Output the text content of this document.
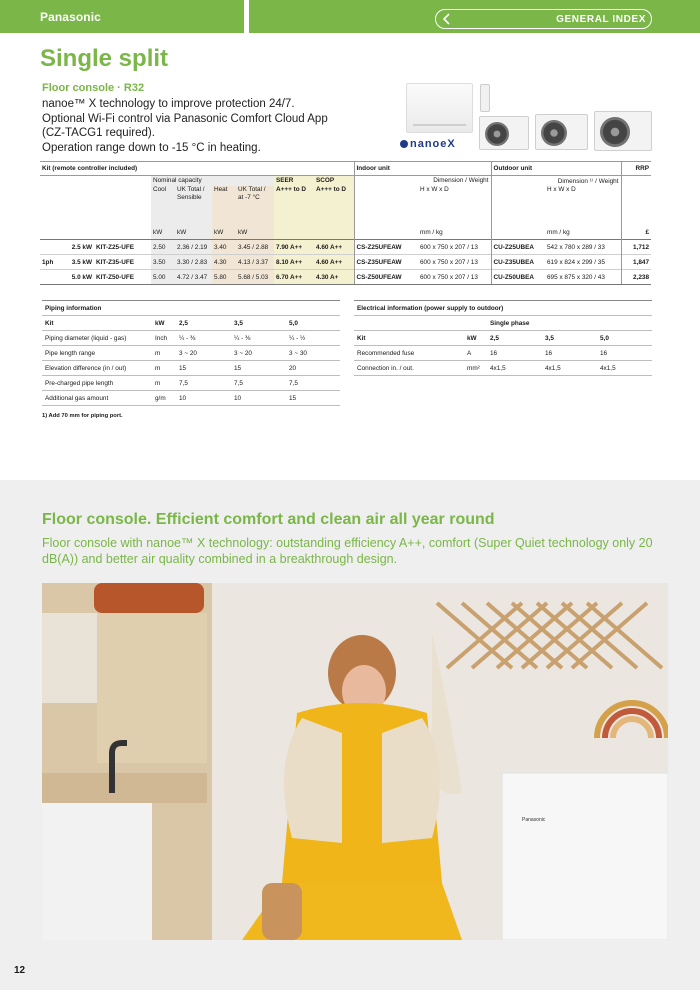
Panasonic	GENERAL INDEX
Single split
Floor console · R32
nanoe™ X technology to improve protection 24/7.
Optional Wi-Fi control via Panasonic Comfort Cloud App
(CZ-TACG1 required).
Operation range down to -15 °C in heating.	nanoeX
Kit (remote controller included)									Indoor unit		Outdoor unit		RRP
			Nominal capacity				SEER	SCOP		Dimension / Weight		Dimension ¹⁾ / Weight	
			Cool	UK Total / Sensible	Heat	UK Total / at -7 °C	A+++ to D	A+++ to D		H x W x D		H x W x D	
			kW	kW	kW	kW				mm / kg		mm / kg	£
	2.5 kW	KIT-Z25-UFE	2.50	2.36 / 2.19	3.40	3.45 / 2.88	7.90 A++	4.60 A++	CS-Z25UFEAW	600 x 750 x 207 / 13	CU-Z25UBEA	542 x 780 x 289 / 33	1,712
1ph	3.5 kW	KIT-Z35-UFE	3.50	3.30 / 2.83	4.30	4.13 / 3.37	8.10 A++	4.60 A++	CS-Z35UFEAW	600 x 750 x 207 / 13	CU-Z35UBEA	619 x 824 x 299 / 35	1,847
	5.0 kW	KIT-Z50-UFE	5.00	4.72 / 3.47	5.80	5.68 / 5.03	6.70 A++	4.30 A+	CS-Z50UFEAW	600 x 750 x 207 / 13	CU-Z50UBEA	695 x 875 x 320 / 43	2,238
Piping information				
Kit	kW	2,5	3,5	5,0
Piping diameter (liquid - gas)	Inch	¼ - ⅜	¼ - ⅜	¼ - ½
Pipe length range	m	3 ~ 20	3 ~ 20	3 ~ 30
Elevation difference (in / out)	m	15	15	20
Pre-charged pipe length	m	7,5	7,5	7,5
Additional gas amount	g/m	10	10	15
Electrical information (power supply to outdoor)				
		Single phase		
Kit	kW	2,5	3,5	5,0
Recommended fuse	A	16	16	16
Connection in. / out.	mm²	4x1,5	4x1,5	4x1,5
1) Add 70 mm for piping port.
Floor console. Efficient comfort and clean air all year round
Floor console with nanoe™ X technology: outstanding efficiency A++, comfort (Super Quiet technology only 20 dB(A)) and better air quality combined in a breakthrough design.
Panasonic
12
